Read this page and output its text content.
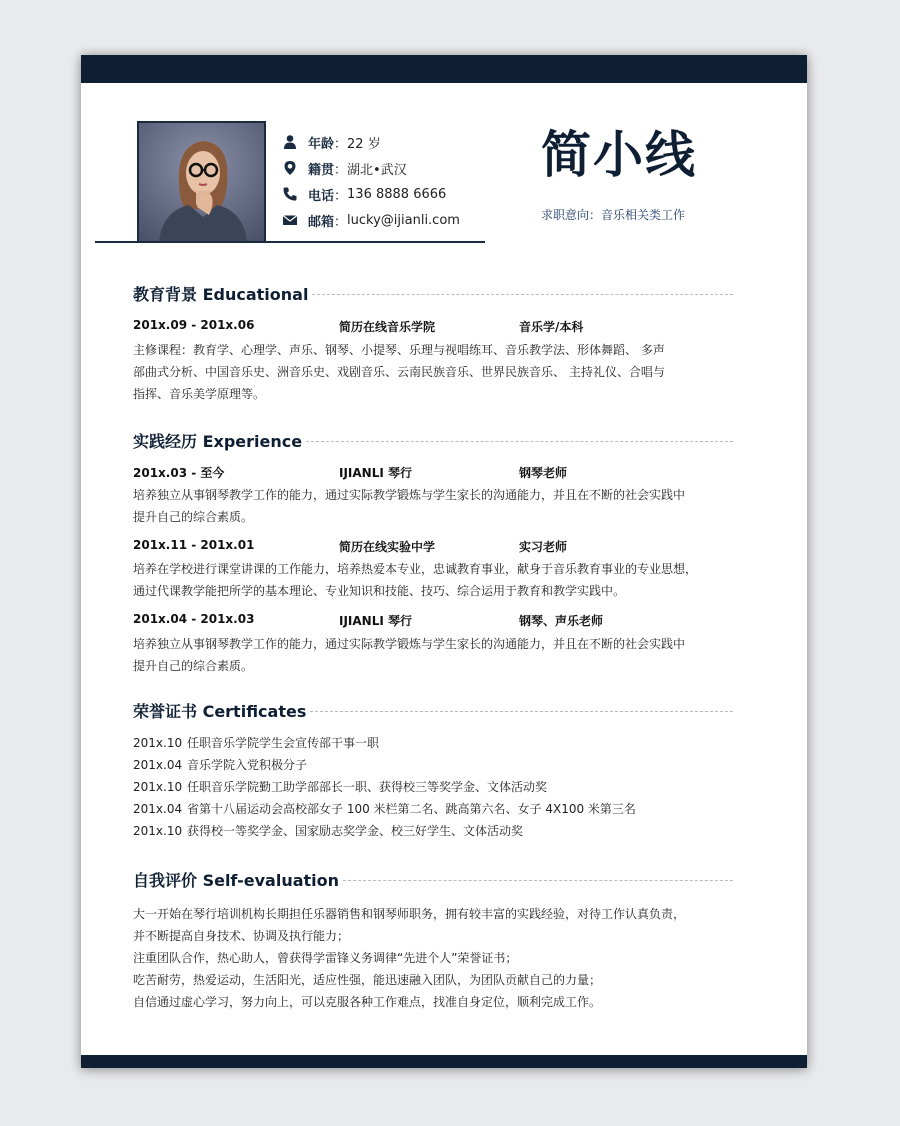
年龄 ： 22 岁
籍贯 ： 湖北•武汉
电话 ： 136 8888 6666
邮箱 ： lucky@ijianli.com
简小线
求职意向：音乐相关类工作
教育背景 Educational
201x.09 - 201x.06	简历在线音乐学院	音乐学/本科

主修课程：教育学、心理学、声乐、钢琴、小提琴、乐理与视唱练耳、音乐教学法、形体舞蹈、 多声

部曲式分析、中国音乐史、洲音乐史、戏剧音乐、云南民族音乐、世界民族音乐、 主持礼仪、合唱与

指挥、音乐美学原理等。

实践经历 Experience
201x.03 - 至今	IJIANLI 琴行	钢琴老师

培养独立从事钢琴教学工作的能力，通过实际教学锻炼与学生家长的沟通能力，并且在不断的社会实践中

提升自己的综合素质。

201x.11 - 201x.01	简历在线实验中学	实习老师

培养在学校进行课堂讲课的工作能力，培养热爱本专业，忠诚教育事业，献身于音乐教育事业的专业思想，

通过代课教学能把所学的基本理论、专业知识和技能、技巧、综合运用于教育和教学实践中。

201x.04 - 201x.03	IJIANLI 琴行	钢琴、声乐老师

培养独立从事钢琴教学工作的能力，通过实际教学锻炼与学生家长的沟通能力，并且在不断的社会实践中

提升自己的综合素质。

荣誉证书 Certificates

201x.10 任职音乐学院学生会宣传部干事一职

201x.04 音乐学院入党积极分子

201x.10 任职音乐学院勤工助学部部长一职、获得校三等奖学金、文体活动奖

201x.04 省第十八届运动会高校部女子 100 米栏第二名、跳高第六名、女子 4X100 米第三名

201x.10 获得校一等奖学金、国家励志奖学金、校三好学生、文体活动奖

自我评价 Self-evaluation

大一开始在琴行培训机构长期担任乐器销售和钢琴师职务，拥有较丰富的实践经验，对待工作认真负责，

并不断提高自身技术、协调及执行能力；

注重团队合作，热心助人，曾获得学雷锋义务调律“先进个人”荣誉证书；

吃苦耐劳，热爱运动，生活阳光，适应性强，能迅速融入团队，为团队贡献自己的力量；

自信通过虚心学习，努力向上，可以克服各种工作难点，找准自身定位，顺利完成工作。
